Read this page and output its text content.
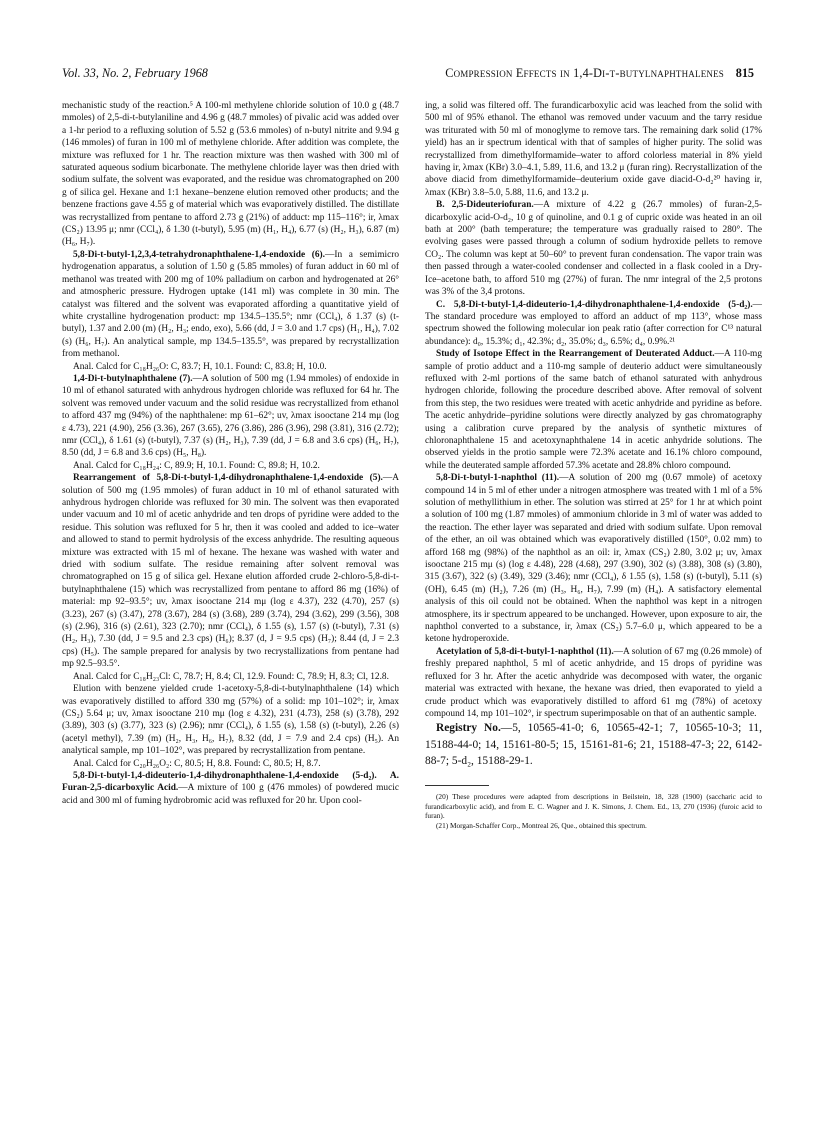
Vol. 33, No. 2, February 1968	Compression Effects in 1,4-Di-t-butylnaphthalenes 815

mechanistic study of the reaction.⁵ A 100-ml methylene chloride solution of 10.0 g (48.7 mmoles) of 2,5-di-t-butylaniline and 4.96 g (48.7 mmoles) of pivalic acid was added over a 1-hr period to a refluxing solution of 5.52 g (53.6 mmoles) of n-butyl nitrite and 9.94 g (146 mmoles) of furan in 100 ml of methylene chloride. After addition was complete, the mixture was refluxed for 1 hr. The reaction mixture was then washed with 300 ml of saturated aqueous sodium bicarbonate. The methylene chloride layer was then dried with sodium sulfate, the solvent was evaporated, and the residue was chromatographed on 200 g of silica gel. Hexane and 1:1 hexane–benzene elution removed other products; and the benzene fractions gave 4.55 g of material which was evaporatively distilled. The distillate was recrystallized from pentane to afford 2.73 g (21%) of adduct: mp 115–116°; ir, λmax (CS₂) 13.95 μ; nmr (CCl₄), δ 1.30 (t-butyl), 5.95 (m) (H₁, H₄), 6.77 (s) (H₂, H₃), 6.87 (m) (H₆, H₇).

5,8-Di-t-butyl-1,2,3,4-tetrahydronaphthalene-1,4-endoxide (6).—In a semimicro hydrogenation apparatus, a solution of 1.50 g (5.85 mmoles) of furan adduct in 60 ml of methanol was treated with 200 mg of 10% palladium on carbon and hydrogenated at 26° and atmospheric pressure. Hydrogen uptake (141 ml) was complete in 30 min. The catalyst was filtered and the solvent was evaporated affording a quantitative yield of white crystalline hydrogenation product: mp 134.5–135.5°; nmr (CCl₄), δ 1.37 (s) (t-butyl), 1.37 and 2.00 (m) (H₂, H₃; endo, exo), 5.66 (dd, J = 3.0 and 1.7 cps) (H₁, H₄), 7.02 (s) (H₆, H₇). An analytical sample, mp 134.5–135.5°, was prepared by recrystallization from methanol.

Anal. Calcd for C₁₈H₂₆O: C, 83.7; H, 10.1. Found: C, 83.8; H, 10.0.

1,4-Di-t-butylnaphthalene (7).—A solution of 500 mg (1.94 mmoles) of endoxide in 10 ml of ethanol saturated with anhydrous hydrogen chloride was refluxed for 64 hr. The solvent was removed under vacuum and the solid residue was recrystallized from ethanol to afford 437 mg (94%) of the naphthalene: mp 61–62°; uv, λmax isooctane 214 mμ (log ε 4.73), 221 (4.90), 256 (3.36), 267 (3.65), 276 (3.86), 286 (3.96), 298 (3.81), 316 (2.72); nmr (CCl₄), δ 1.61 (s) (t-butyl), 7.37 (s) (H₂, H₃), 7.39 (dd, J = 6.8 and 3.6 cps) (H₆, H₇), 8.50 (dd, J = 6.8 and 3.6 cps) (H₅, H₈).

Anal. Calcd for C₁₈H₂₄: C, 89.9; H, 10.1. Found: C, 89.8; H, 10.2.

Rearrangement of 5,8-Di-t-butyl-1,4-dihydronaphthalene-1,4-endoxide (5).—A solution of 500 mg (1.95 mmoles) of furan adduct in 10 ml of ethanol saturated with anhydrous hydrogen chloride was refluxed for 30 min. The solvent was then evaporated under vacuum and 10 ml of acetic anhydride and ten drops of pyridine were added to the residue. This solution was refluxed for 5 hr, then it was cooled and added to ice–water and allowed to stand to permit hydrolysis of the excess anhydride. The resulting aqueous mixture was extracted with 15 ml of hexane. The hexane was washed with water and dried with sodium sulfate. The residue remaining after solvent removal was chromatographed on 15 g of silica gel. Hexane elution afforded crude 2-chloro-5,8-di-t-butylnaphthalene (15) which was recrystallized from pentane to afford 86 mg (16%) of material: mp 92–93.5°; uv, λmax isooctane 214 mμ (log ε 4.37), 232 (4.70), 257 (s) (3.23), 267 (s) (3.47), 278 (3.67), 284 (s) (3.68), 289 (3.74), 294 (3.62), 299 (3.56), 308 (s) (2.96), 316 (s) (2.61), 323 (2.70); nmr (CCl₄), δ 1.55 (s), 1.57 (s) (t-butyl), 7.31 (s) (H₂, H₃), 7.30 (dd, J = 9.5 and 2.3 cps) (H₆); 8.37 (d, J = 9.5 cps) (H₇); 8.44 (d, J = 2.3 cps) (H₅). The sample prepared for analysis by two recrystallizations from pentane had mp 92.5–93.5°.

Anal. Calcd for C₁₈H₂₃Cl: C, 78.7; H, 8.4; Cl, 12.9. Found: C, 78.9; H, 8.3; Cl, 12.8.

Elution with benzene yielded crude 1-acetoxy-5,8-di-t-butylnaphthalene (14) which was evaporatively distilled to afford 330 mg (57%) of a solid: mp 101–102°; ir, λmax (CS₂) 5.64 μ; uv, λmax isooctane 210 mμ (log ε 4.32), 231 (4.73), 258 (s) (3.78), 292 (3.89), 303 (s) (3.77), 323 (s) (2.96); nmr (CCl₄), δ 1.55 (s), 1.58 (s) (t-butyl), 2.26 (s) (acetyl methyl), 7.39 (m) (H₂, H₃, H₆, H₇), 8.32 (dd, J = 7.9 and 2.4 cps) (H₅). An analytical sample, mp 101–102°, was prepared by recrystallization from pentane.

Anal. Calcd for C₂₀H₂₆O₂: C, 80.5; H, 8.8. Found: C, 80.5; H, 8.7.

5,8-Di-t-butyl-1,4-dideuterio-1,4-dihydronaphthalene-1,4-endoxide (5-d₂). A. Furan-2,5-dicarboxylic Acid.—A mixture of 100 g (476 mmoles) of powdered mucic acid and 300 ml of fuming hydrobromic acid was refluxed for 20 hr. Upon cool-

ing, a solid was filtered off. The furandicarboxylic acid was leached from the solid with 500 ml of 95% ethanol. The ethanol was removed under vacuum and the tarry residue was triturated with 50 ml of monoglyme to remove tars. The remaining dark solid (17% yield) has an ir spectrum identical with that of samples of higher purity. The solid was recrystallized from dimethylformamide–water to afford colorless material in 8% yield having ir, λmax (KBr) 3.0–4.1, 5.89, 11.6, and 13.2 μ (furan ring). Recrystallization of the above diacid from dimethylformamide–deuterium oxide gave diacid-O-d₂²⁰ having ir, λmax (KBr) 3.8–5.0, 5.88, 11.6, and 13.2 μ.

B. 2,5-Dideuteriofuran.—A mixture of 4.22 g (26.7 mmoles) of furan-2,5-dicarboxylic acid-O-d₂, 10 g of quinoline, and 0.1 g of cupric oxide was heated in an oil bath at 200° (bath temperature; the temperature was gradually raised to 280°. The evolving gases were passed through a column of sodium hydroxide pellets to remove CO₂. The column was kept at 50–60° to prevent furan condensation. The vapor train was then passed through a water-cooled condenser and collected in a flask cooled in a Dry-Ice–acetone bath, to afford 510 mg (27%) of furan. The nmr integral of the 2,5 protons was 3% of the 3,4 protons.

C. 5,8-Di-t-butyl-1,4-dideuterio-1,4-dihydronaphthalene-1,4-endoxide (5-d₂).—The standard procedure was employed to afford an adduct of mp 113°, whose mass spectrum showed the following molecular ion peak ratio (after correction for C¹³ natural abundance): d₀, 15.3%; d₁, 42.3%; d₂, 35.0%; d₃, 6.5%; d₄, 0.9%.²¹

Study of Isotope Effect in the Rearrangement of Deuterated Adduct.—A 110-mg sample of protio adduct and a 110-mg sample of deuterio adduct were simultaneously refluxed with 2-ml portions of the same batch of ethanol saturated with anhydrous hydrogen chloride, following the procedure described above. After removal of solvent from this step, the two residues were treated with acetic anhydride and pyridine as before. The acetic anhydride–pyridine solutions were directly analyzed by gas chromatography using a calibration curve prepared by the analysis of synthetic mixtures of chloronaphthalene 15 and acetoxynaphthalene 14 in acetic anhydride solutions. The observed yields in the protio sample were 72.3% acetate and 16.1% chloro compound, while the deuterated sample afforded 57.3% acetate and 28.8% chloro compound.

5,8-Di-t-butyl-1-naphthol (11).—A solution of 200 mg (0.67 mmole) of acetoxy compound 14 in 5 ml of ether under a nitrogen atmosphere was treated with 1 ml of a 5% solution of methyllithium in ether. The solution was stirred at 25° for 1 hr at which point a solution of 100 mg (1.87 mmoles) of ammonium chloride in 3 ml of water was added to the reaction. The ether layer was separated and dried with sodium sulfate. Upon removal of the ether, an oil was obtained which was evaporatively distilled (150°, 0.02 mm) to afford 168 mg (98%) of the naphthol as an oil: ir, λmax (CS₂) 2.80, 3.02 μ; uv, λmax isooctane 215 mμ (s) (log ε 4.48), 228 (4.68), 297 (3.90), 302 (s) (3.88), 308 (s) (3.80), 315 (3.67), 322 (s) (3.49), 329 (3.46); nmr (CCl₄), δ 1.55 (s), 1.58 (s) (t-butyl), 5.11 (s) (OH), 6.45 (m) (H₂), 7.26 (m) (H₃, H₆, H₇), 7.99 (m) (H₄). A satisfactory elemental analysis of this oil could not be obtained. When the naphthol was kept in a nitrogen atmosphere, its ir spectrum appeared to be unchanged. However, upon exposure to air, the naphthol converted to a substance, ir, λmax (CS₂) 5.7–6.0 μ, which appeared to be a ketone hydroperoxide.

Acetylation of 5,8-di-t-butyl-1-naphthol (11).—A solution of 67 mg (0.26 mmole) of freshly prepared naphthol, 5 ml of acetic anhydride, and 15 drops of pyridine was refluxed for 3 hr. After the acetic anhydride was decomposed with water, the organic material was extracted with hexane, the hexane was dried, then evaporated to yield a crude product which was evaporatively distilled to afford 61 mg (78%) of acetoxy compound 14, mp 101–102°, ir spectrum superimposable on that of an authentic sample.

Registry No.—5, 10565-41-0; 6, 10565-42-1; 7, 10565-10-3; 11, 15188-44-0; 14, 15161-80-5; 15, 15161-81-6; 21, 15188-47-3; 22, 6142-88-7; 5-d₂, 15188-29-1.

(20) These procedures were adapted from descriptions in Beilstein, 18, 328 (1900) (saccharic acid to furandicarboxylic acid), and from E. C. Wagner and J. K. Simons, J. Chem. Ed., 13, 270 (1936) (furoic acid to furan).

(21) Morgan-Schaffer Corp., Montreal 26, Que., obtained this spectrum.
